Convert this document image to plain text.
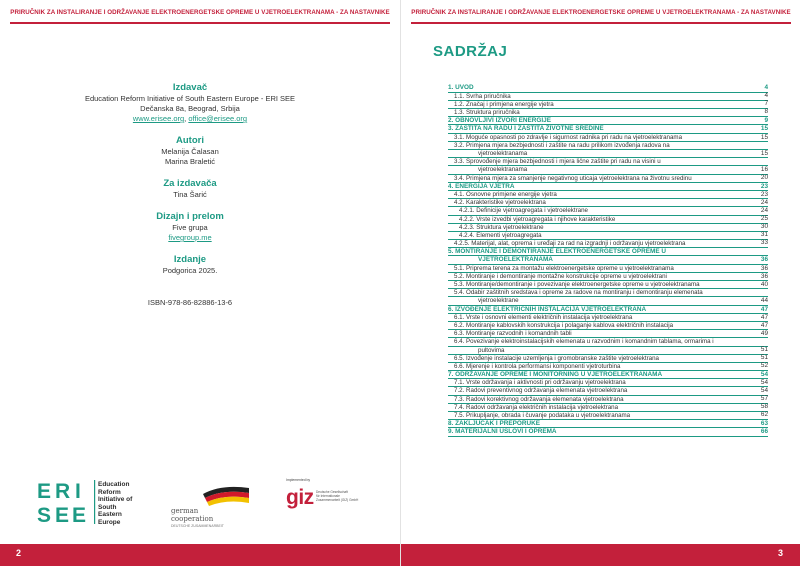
PRIRUČNIK ZA INSTALIRANJE I ODRŽAVANJE ELEKTROENERGETSKE OPREME U VJETROELEKTRANAMA - ZA NASTAVNIKE
Izdavač
Education Reform Initiative of South Eastern Europe - ERI SEE
Dečanska 8a, Beograd, Srbija
www.erisee.org, office@erisee.org
Autori
Melanija Čalasan
Marina Braletić
Za izdavača
Tina Šarić
Dizajn i prelom
Five grupa
fivegroup.me
Izdanje
Podgorica 2025.
ISBN-978-86-82886-13-6
E R I
S E E
Education
Reform
Initiative of
South
Eastern
Europe
german
cooperation
DEUTSCHE ZUSAMMENARBEIT
Implemented by
giz Deutsche Gesellschaft
für Internationale
Zusammenarbeit (GIZ) GmbH
2
PRIRUČNIK ZA INSTALIRANJE I ODRŽAVANJE ELEKTROENERGETSKE OPREME U VJETROELEKTRANAMA - ZA NASTAVNIKE
SADRŽAJ
1. UVOD	4
1.1. Svrha priručnika	4
1.2. Značaj i primjena energije vjetra	7
1.3. Struktura priručnika	8
2. OBNOVLJIVI IZVORI ENERGIJE	9
3. ZAŠTITA NA RADU I ZAŠTITA ŽIVOTNE SREDINE	15
3.1. Moguće opasnosti po zdravlje i sigurnost radnika pri radu na vjetroelektranama	15
3.2. Primjena mjera bezbjednosti i zaštite na radu prilikom izvođenja radova na
vjetroelektranama	15
3.3. Sprovođenje mjera bezbjednosti i mjera lične zaštite pri radu na visini u
vjetroelektranama	16
3.4. Primjena mjera za smanjenje negativnog uticaja vjetroelektrana na životnu sredinu	20
4. ENERGIJA VJETRA	23
4.1. Osnovne primjene energije vjetra	23
4.2. Karakteristike vjetroelektrana	24
4.2.1. Definicije vjetroagregata i vjetroelektrane	24
4.2.2. Vrste izvedbi vjetroagregata i njihove karakteristike	25
4.2.3. Struktura vjetroelektrane	30
4.2.4. Elementi vjetroagregata	31
4.2.5. Materijal, alat, oprema i uređaji za rad na izgradnji i održavanju vjetroelektrana	33
5. MONTIRANJE I DEMONTIRANJE ELEKTROENERGETSKE OPREME U
VJETROELEKTRANAMA	36
5.1. Priprema terena za montažu elektroenergetske opreme u vjetroelektranama	36
5.2. Montiranje i demontiranje montažne konstrukcije opreme u vjetroelektrani	36
5.3. Montiranje/demontiranje i povezivanje elektroenergetske opreme u vjetroelektranama	40
5.4. Odabir zaštitnih sredstava i opreme za radove na montiranju i demontiranju elemenata
vjetroelektrane	44
6. IZVOĐENJE ELEKTRIČNIH INSTALACIJA VJETROELEKTRANA	47
6.1. Vrste i osnovni elementi električnih instalacija vjetroelektrana	47
6.2. Montiranje kablovskih konstrukcija i polaganje kablova električnih instalacija	47
6.3. Montiranje razvodnih i komandnih tabli	49
6.4. Povezivanje elektroinstalacijskih elemenata u razvodnim i komandnim tablama, ormarima i
pultovima	51
6.5. Izvođenje instalacije uzemljenja i gromobranske zaštite vjetroelektrana	51
6.6. Mjerenje i kontrola performansi komponenti vjetroturbina	52
7. ODRŽAVANJE OPREME I MONITORNING U VJETROELEKTRANAMA	54
7.1. Vrste održavanja i aktivnosti pri održavanju vjetroelektrana	54
7.2. Radovi preventivnog održavanja elemenata vjetroelektrana	54
7.3. Radovi korektivnog održavanja elemenata vjetroelektrana	57
7.4. Radovi održavanja električnih instalacija vjetroelektrana	58
7.5. Prikupljanje, obrada i čuvanje podataka u vjetroelektranama	62
8. ZAKLJUČAK I PREPORUKE	63
9. MATERIJALNI USLOVI I OPREMA	66
3
